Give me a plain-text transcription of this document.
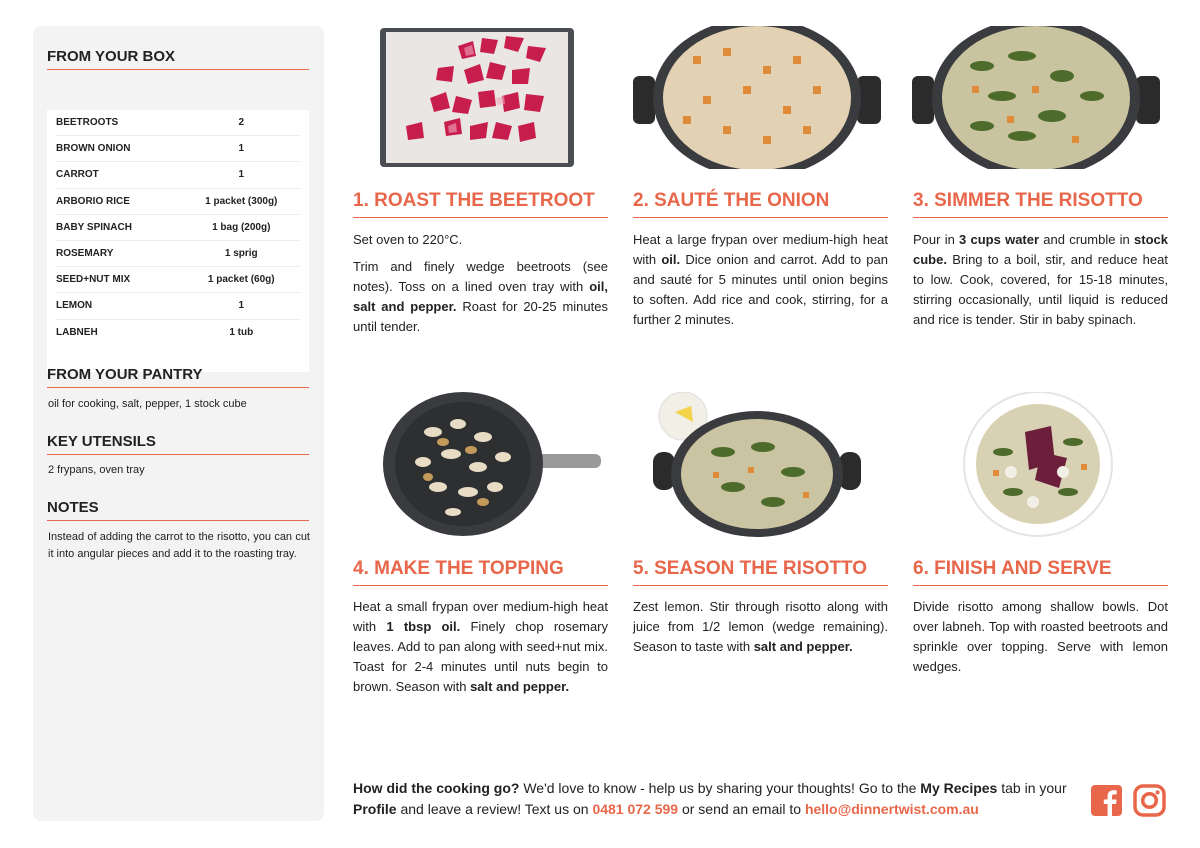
FROM YOUR BOX
BEETROOTS	2
BROWN ONION	1
CARROT	1
ARBORIO RICE	1 packet (300g)
BABY SPINACH	1 bag (200g)
ROSEMARY	1 sprig
SEED+NUT MIX	1 packet (60g)
LEMON	1
LABNEH	1 tub
FROM YOUR PANTRY
oil for cooking, salt, pepper, 1 stock cube
KEY UTENSILS
2 frypans, oven tray
NOTES
Instead of adding the carrot to the risotto, you can cut it into angular pieces and add it to the roasting tray.
1. ROAST THE BEETROOT

Set oven to 220°C.

Trim and finely wedge beetroots (see notes). Toss on a lined oven tray with oil, salt and pepper. Roast for 20-25 minutes until tender.

2. SAUTÉ THE ONION

Heat a large frypan over medium-high heat with oil. Dice onion and carrot. Add to pan and sauté for 5 minutes until onion begins to soften. Add rice and cook, stirring, for a further 2 minutes.

3. SIMMER THE RISOTTO

Pour in 3 cups water and crumble in stock cube. Bring to a boil, stir, and reduce heat to low. Cook, covered, for 15-18 minutes, stirring occasionally, until liquid is reduced and rice is tender. Stir in baby spinach.

4. MAKE THE TOPPING

Heat a small frypan over medium-high heat with 1 tbsp oil. Finely chop rosemary leaves. Add to pan along with seed+nut mix. Toast for 2-4 minutes until nuts begin to brown. Season with salt and pepper.

5. SEASON THE RISOTTO

Zest lemon. Stir through risotto along with juice from 1/2 lemon (wedge remaining). Season to taste with salt and pepper.

6. FINISH AND SERVE

Divide risotto among shallow bowls. Dot over labneh. Top with roasted beetroots and sprinkle over topping. Serve with lemon wedges.

How did the cooking go? We'd love to know - help us by sharing your thoughts! Go to the My Recipes tab in your Profile and leave a review! Text us on 0481 072 599 or send an email to hello@dinnertwist.com.au
